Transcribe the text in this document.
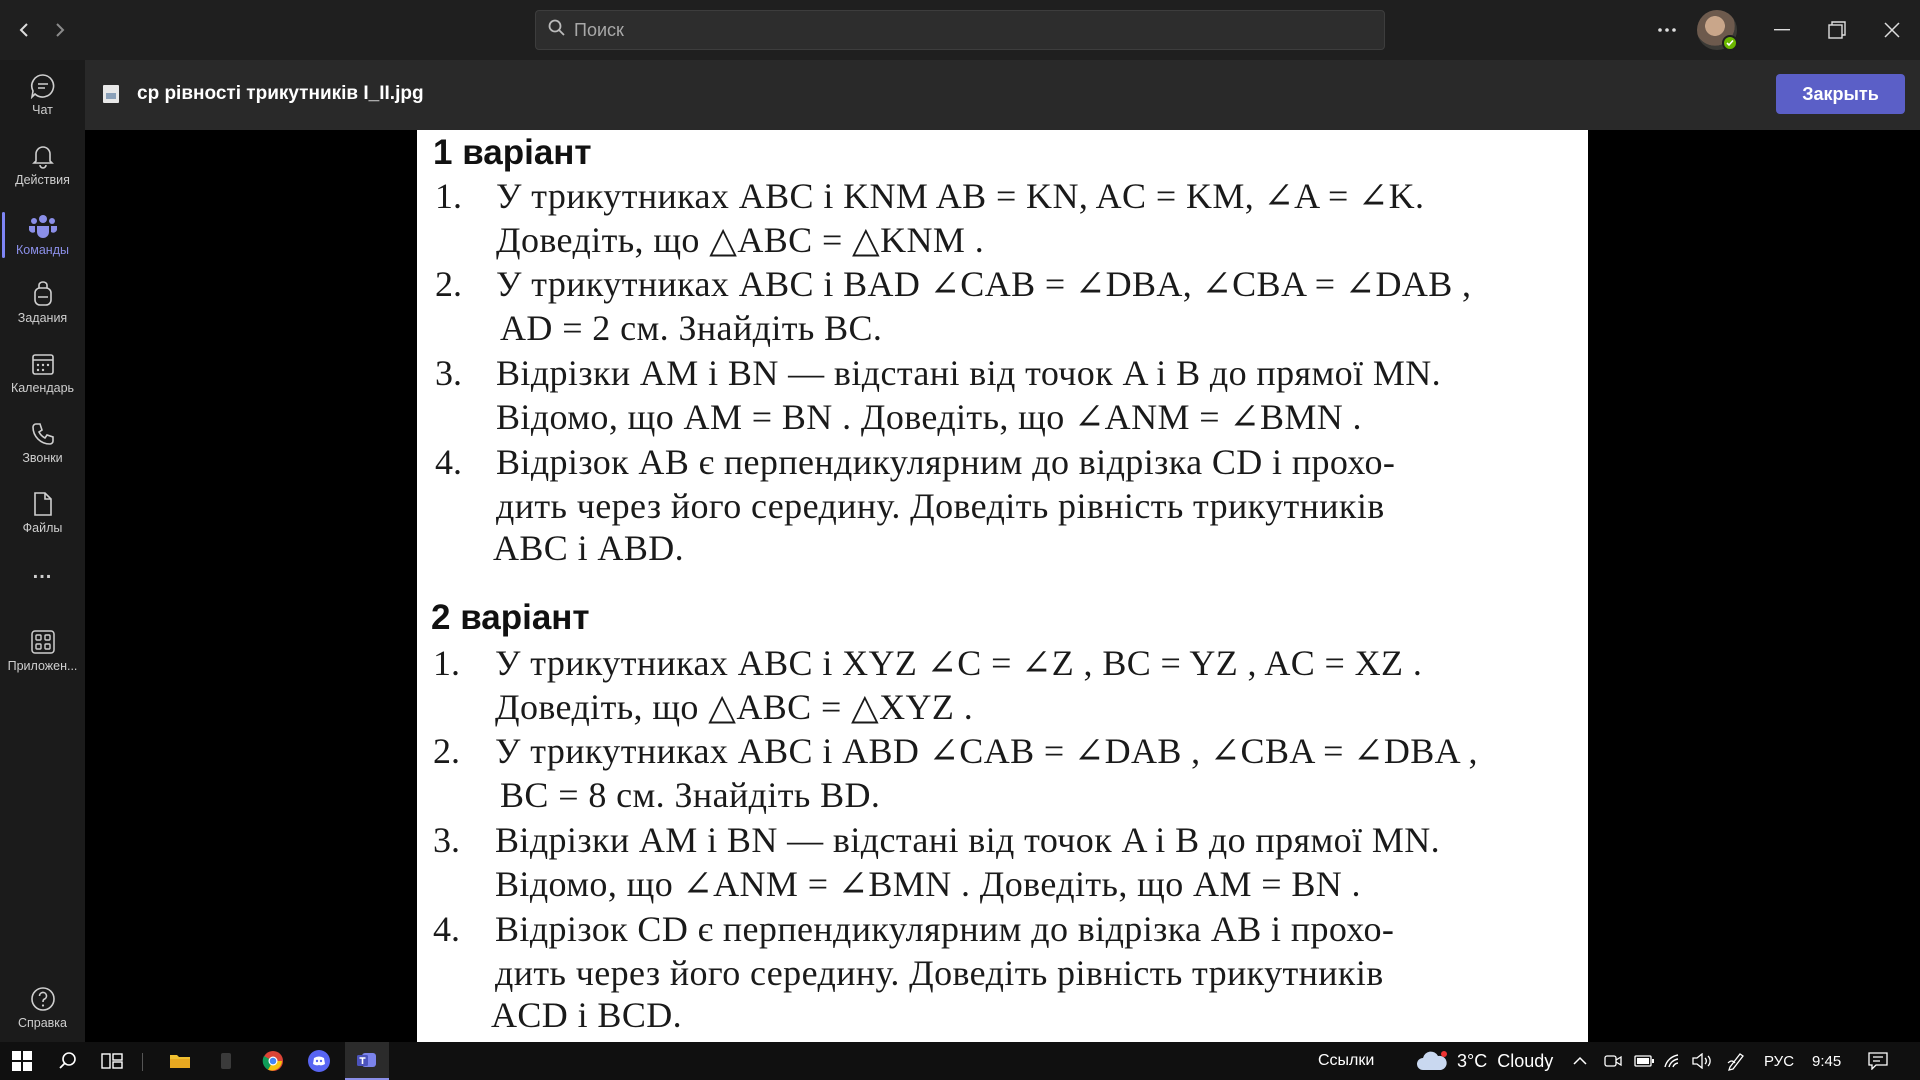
Поиск
Чат
Действия
Команды
Задания
Календарь
Звонки
Файлы
...
Приложен...
Справка
ср рівності трикутників I_II.jpg	Закрыть
1 варіант
1. У трикутниках ABC і KNM AB = KN, AC = KM, ∠A = ∠K.
Доведіть, що △ABC = △KNM .
2. У трикутниках ABC і BAD ∠CAB = ∠DBA, ∠CBA = ∠DAB ,
AD = 2 см. Знайдіть BC.
3. Відрізки AM і BN — відстані від точок A і B до прямої MN.
Відомо, що AM = BN . Доведіть, що ∠ANM = ∠BMN .
4. Відрізок AB є перпендикулярним до відрізка CD і прохо-
дить через його середину. Доведіть рівність трикутників
ABC і ABD.
2 варіант
1. У трикутниках ABC і XYZ ∠C = ∠Z , BC = YZ , AC = XZ .
Доведіть, що △ABC = △XYZ .
2. У трикутниках ABC і ABD ∠CAB = ∠DAB , ∠CBA = ∠DBA ,
BC = 8 см. Знайдіть BD.
3. Відрізки AM і BN — відстані від точок A і B до прямої MN.
Відомо, що ∠ANM = ∠BMN . Доведіть, що AM = BN .
4. Відрізок CD є перпендикулярним до відрізка AB і прохо-
дить через його середину. Доведіть рівність трикутників
ACD і BCD.
Ссылки	3°C  Cloudy	РУС 9:45
